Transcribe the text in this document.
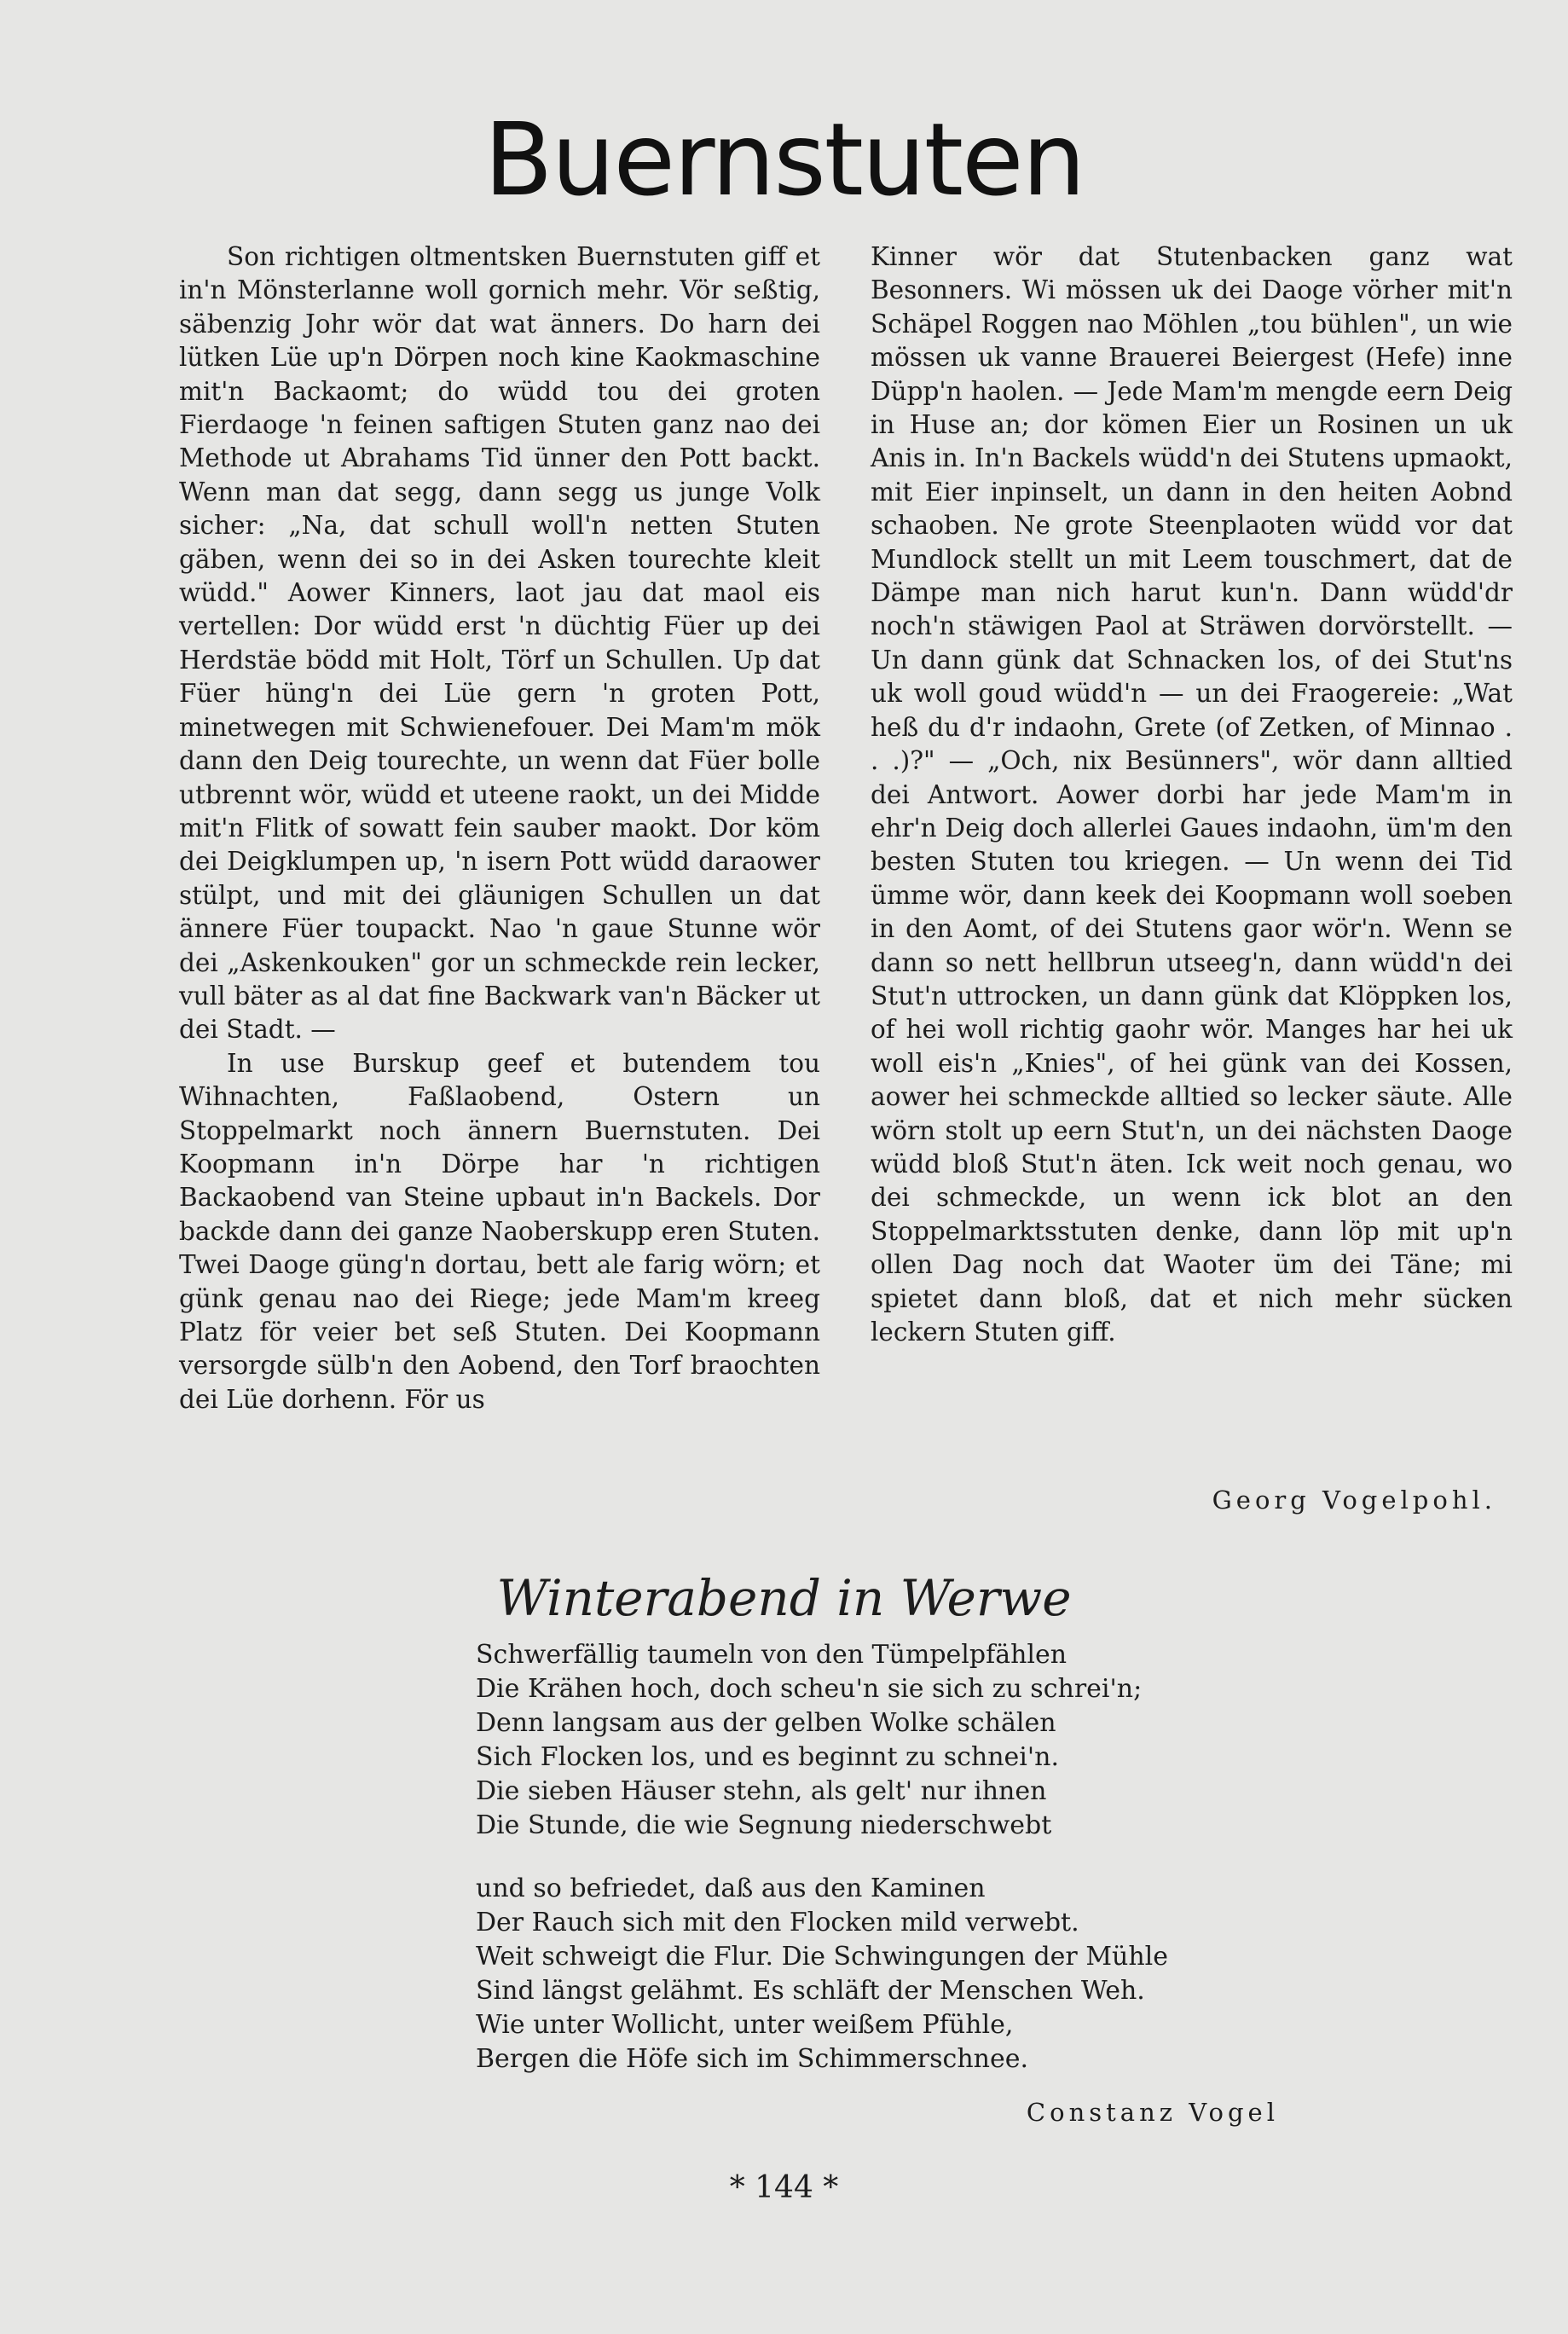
Buernstuten

Son richtigen oltmentsken Buernstuten giff et in'n Mönsterlanne woll gornich mehr. Vör seßtig, säbenzig Johr wör dat wat änners. Do harn dei lütken Lüe up'n Dörpen noch kine Kaokmaschine mit'n Backaomt; do wüdd tou dei groten Fierdaoge 'n feinen saftigen Stuten ganz nao dei Methode ut Abrahams Tid ünner den Pott backt. Wenn man dat segg, dann segg us junge Volk sicher: „Na, dat schull woll'n netten Stuten gäben, wenn dei so in dei Asken tourechte kleit wüdd." Aower Kinners, laot jau dat maol eis vertellen: Dor wüdd erst 'n düchtig Füer up dei Herdstäe bödd mit Holt, Törf un Schullen. Up dat Füer hüng'n dei Lüe gern 'n groten Pott, minetwegen mit Schwienefouer. Dei Mam'm mök dann den Deig tourechte, un wenn dat Füer bolle utbrennt wör, wüdd et uteene raokt, un dei Midde mit'n Flitk of sowatt fein sauber maokt. Dor köm dei Deigklumpen up, 'n isern Pott wüdd daraower stülpt, und mit dei gläunigen Schullen un dat ännere Füer toupackt. Nao 'n gaue Stunne wör dei „Askenkouken" gor un schmeckde rein lecker, vull bäter as al dat fine Backwark van'n Bäcker ut dei Stadt. —

In use Burskup geef et butendem tou Wihnachten, Faßlaobend, Ostern un Stoppelmarkt noch ännern Buernstuten. Dei Koopmann in'n Dörpe har 'n richtigen Backaobend van Steine upbaut in'n Backels. Dor backde dann dei ganze Naoberskupp eren Stuten. Twei Daoge güng'n dortau, bett ale farig wörn; et günk genau nao dei Riege; jede Mam'm kreeg Platz för veier bet seß Stuten. Dei Koopmann versorgde sülb'n den Aobend, den Torf braochten dei Lüe dorhenn. För us

Kinner wör dat Stutenbacken ganz wat Besonners. Wi mössen uk dei Daoge vörher mit'n Schäpel Roggen nao Möhlen „tou bühlen", un wie mössen uk vanne Brauerei Beiergest (Hefe) inne Düpp'n haolen. — Jede Mam'm mengde eern Deig in Huse an; dor kömen Eier un Rosinen un uk Anis in. In'n Backels wüdd'n dei Stutens upmaokt, mit Eier inpinselt, un dann in den heiten Aobnd schaoben. Ne grote Steenplaoten wüdd vor dat Mundlock stellt un mit Leem touschmert, dat de Dämpe man nich harut kun'n. Dann wüdd'dr noch'n stäwigen Paol at Sträwen dorvörstellt. — Un dann günk dat Schnacken los, of dei Stut'ns uk woll goud wüdd'n — un dei Fraogereie: „Wat heß du d'r indaohn, Grete (of Zetken, of Minnao . . .)?" — „Och, nix Besünners", wör dann alltied dei Antwort. Aower dorbi har jede Mam'm in ehr'n Deig doch allerlei Gaues indaohn, üm'm den besten Stuten tou kriegen. — Un wenn dei Tid ümme wör, dann keek dei Koopmann woll soeben in den Aomt, of dei Stutens gaor wör'n. Wenn se dann so nett hellbrun utseeg'n, dann wüdd'n dei Stut'n uttrocken, un dann günk dat Klöppken los, of hei woll richtig gaohr wör. Manges har hei uk woll eis'n „Knies", of hei günk van dei Kossen, aower hei schmeckde alltied so lecker säute. Alle wörn stolt up eern Stut'n, un dei nächsten Daoge wüdd bloß Stut'n äten. Ick weit noch genau, wo dei schmeckde, un wenn ick blot an den Stoppelmarktsstuten denke, dann löp mit up'n ollen Dag noch dat Waoter üm dei Täne; mi spietet dann bloß, dat et nich mehr sücken leckern Stuten giff.

Georg Vogelpohl.
Winterabend in Werwe
Schwerfällig taumeln von den Tümpelpfählen
Die Krähen hoch, doch scheu'n sie sich zu schrei'n;
Denn langsam aus der gelben Wolke schälen
Sich Flocken los, und es beginnt zu schnei'n.
Die sieben Häuser stehn, als gelt' nur ihnen
Die Stunde, die wie Segnung niederschwebt
und so befriedet, daß aus den Kaminen
Der Rauch sich mit den Flocken mild verwebt.
Weit schweigt die Flur. Die Schwingungen der Mühle
Sind längst gelähmt. Es schläft der Menschen Weh.
Wie unter Wollicht, unter weißem Pfühle,
Bergen die Höfe sich im Schimmerschnee.
Constanz Vogel
* 144 *
